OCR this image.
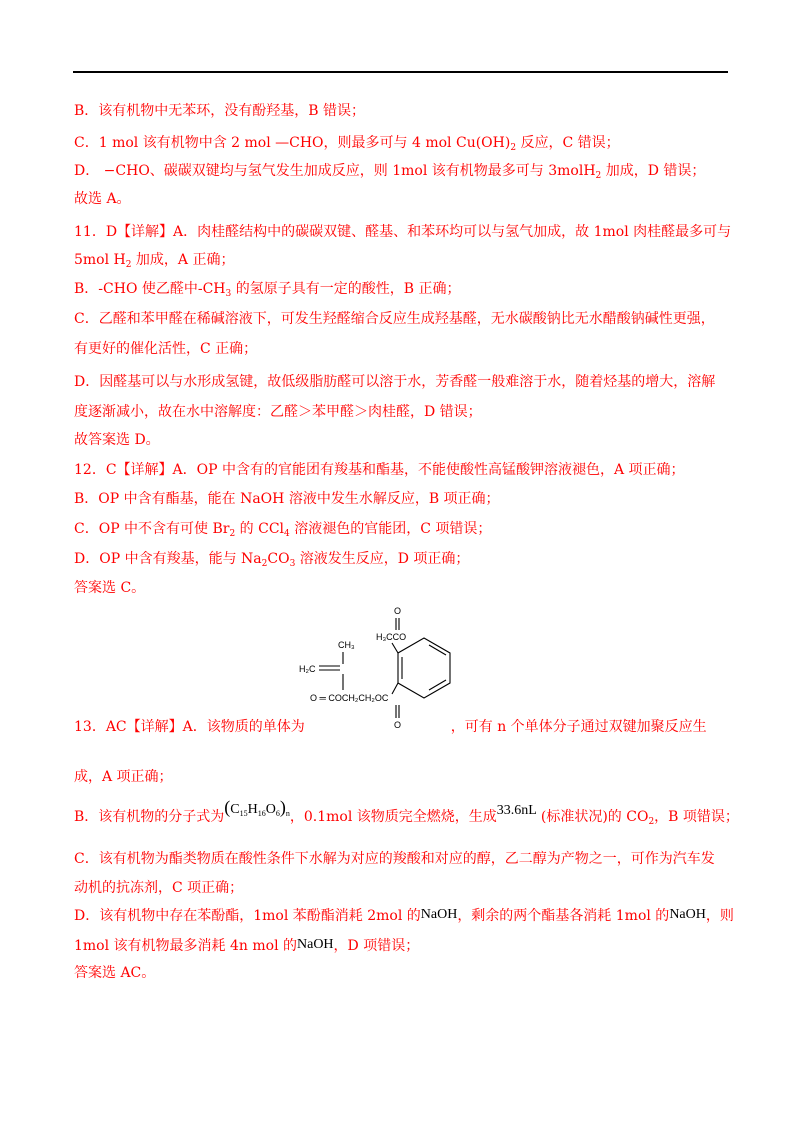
B．该有机物中无苯环，没有酚羟基，B 错误；
C．1 mol 该有机物中含 2 mol —CHO，则最多可与 4 mol $Cu(OH)_2$ 反应，C 错误；
D． −CHO、碳碳双键均与氢气发生加成反应，则 1mol 该有机物最多可与 3molH$_2$ 加成，D 错误；
故选 A。
11．D【详解】A．肉桂醛结构中的碳碳双键、醛基、和苯环均可以与氢气加成，故 1mol 肉桂醛最多可与
5mol $H_2$ 加成，A 正确；
B．-CHO 使乙醛中$-CH_3$ 的氢原子具有一定的酸性，B 正确；
C．乙醛和苯甲醛在稀碱溶液下，可发生羟醛缩合反应生成羟基醛，无水碳酸钠比无水醋酸钠碱性更强，
有更好的催化活性，C 正确；
D．因醛基可以与水形成氢键，故低级脂肪醛可以溶于水，芳香醛一般难溶于水，随着烃基的增大，溶解
度逐渐减小，故在水中溶解度：乙醛＞苯甲醛＞肉桂醛，D 错误；
故答案选 D。
12．C【详解】A．OP 中含有的官能团有羧基和酯基，不能使酸性高锰酸钾溶液褪色，A 项正确；
B．OP 中含有酯基，能在 NaOH 溶液中发生水解反应，B 项正确；
C．OP 中不含有可使 $Br_2$ 的 CCl$_4$ 溶液褪色的官能团，C 项错误；
D．OP 中含有羧基，能与 $Na_2CO_3$ 溶液发生反应，D 项正确；
答案选 C。
H₃CCO
O
CH₃
H₂C
O ═ COCH₂CH₂OC
O
13．AC【详解】A．该物质的单体为	，可有 n 个单体分子通过双键加聚反应生
成，A 项正确；
B．该有机物的分子式为$(C_{15}H_{16}O_6)_n$，0.1mol 该物质完全燃烧，生成33.6nL (标准状况)的 $CO_2$，B 项错误；
C．该有机物为酯类物质在酸性条件下水解为对应的羧酸和对应的醇，乙二醇为产物之一，可作为汽车发
动机的抗冻剂，C 项正确；
D．该有机物中存在苯酚酯，1mol 苯酚酯消耗 2mol 的NaOH，剩余的两个酯基各消耗 1mol 的NaOH，则
1mol 该有机物最多消耗 4n mol 的NaOH，D 项错误；
答案选 AC。
